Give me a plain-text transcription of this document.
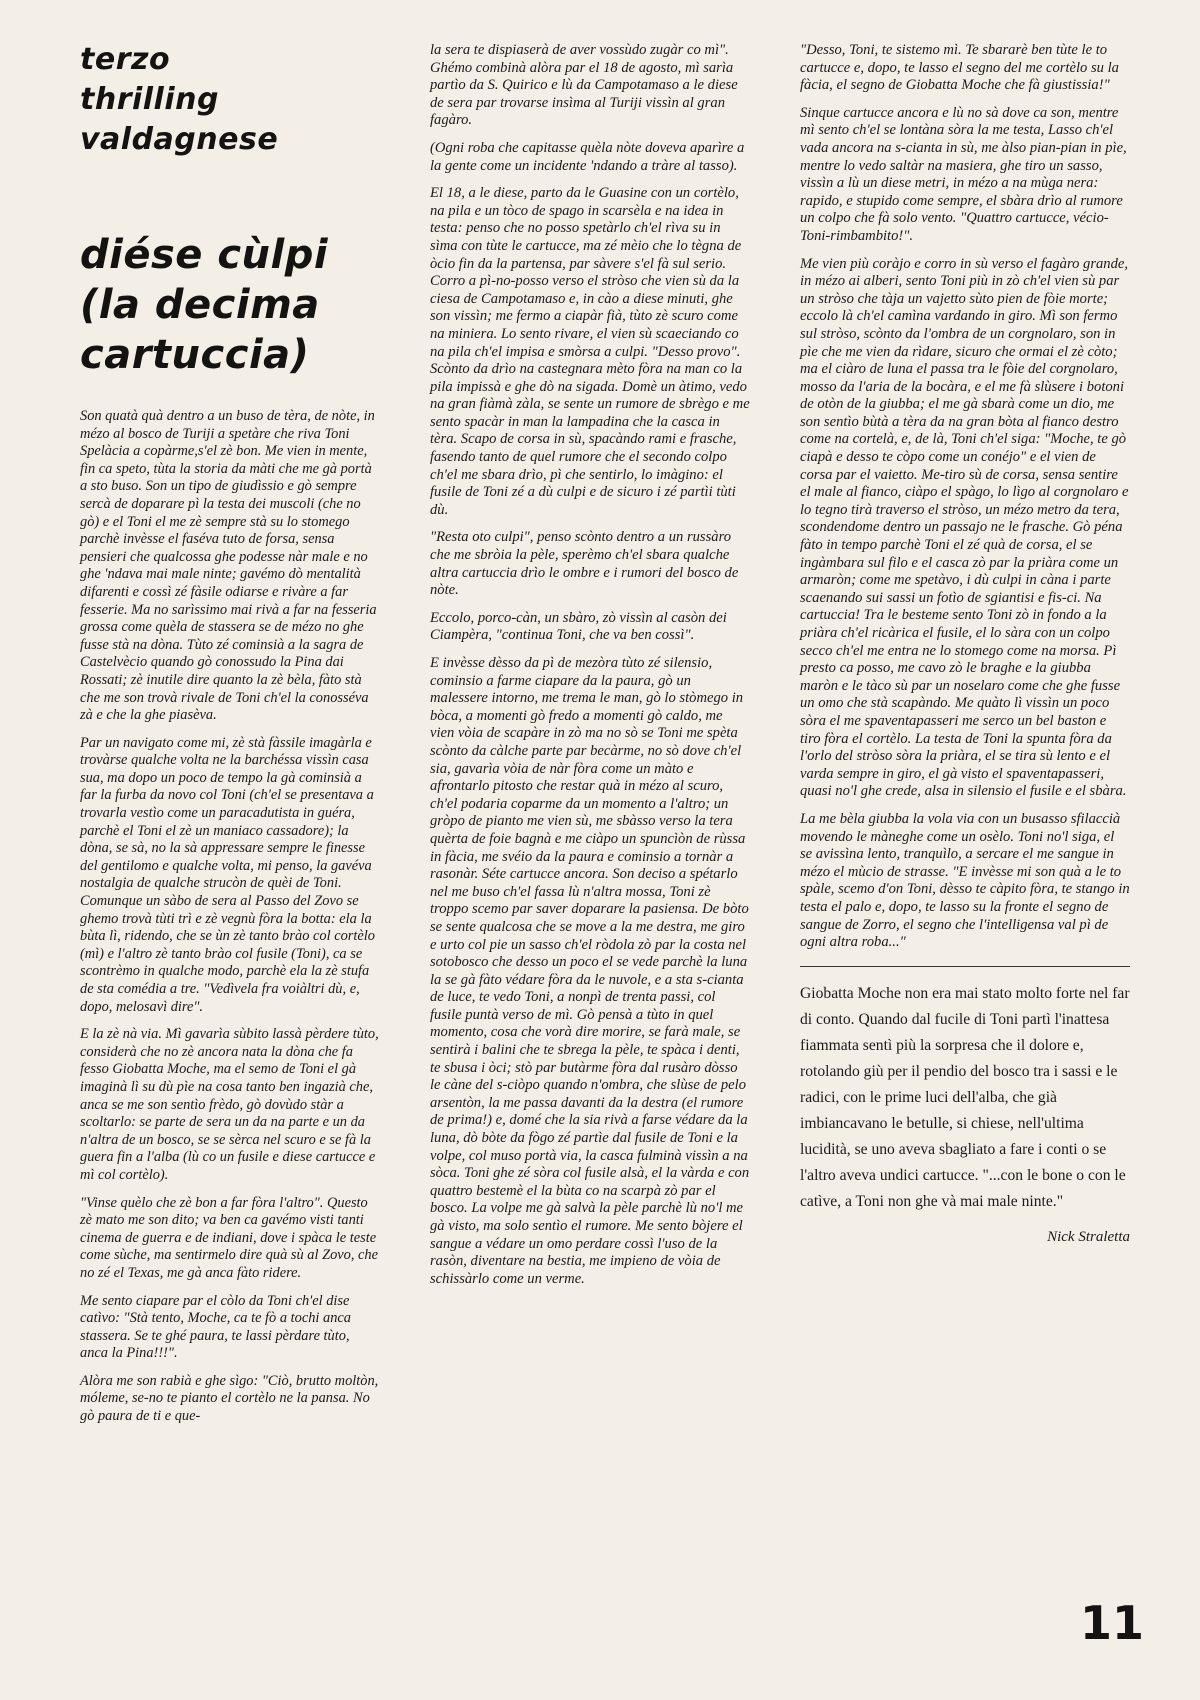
terzo
thrilling
valdagnese
diése cùlpi
(la decima
cartuccia)

Son quatà quà dentro a un buso de tèra, de nòte, in mézo al bosco de Turiji a spetàre che riva Toni Spelàcia a copàrme,s'el zè bon. Me vien in mente, fin ca speto, tùta la storia da màti che me gà portà a sto buso. Son un tipo de giudìssio e gò sempre sercà de doparare pì la testa dei muscoli (che no gò) e el Toni el me zè sempre stà su lo stomego parchè invèsse el faséva tuto de forsa, sensa pensieri che qualcossa ghe podesse nàr male e no ghe 'ndava mai male ninte; gavémo dò mentalità difarenti e cossì zé fàsile odiarse e rivàre a far fesserie. Ma no sarìssimo mai rivà a far na fesseria grossa come quèla de stassera se de mézo no ghe fusse stà na dòna. Tùto zé cominsià a la sagra de Castelvècio quando gò conossudo la Pina dai Rossati; zè inutile dire quanto la zè bèla, fàto stà che me son trovà rivale de Toni ch'el la conosséva zà e che la ghe piasèva.

Par un navigato come mi, zè stà fàssile imagàrla e trovàrse qualche volta ne la barchéssa vissìn casa sua, ma dopo un poco de tempo la gà cominsià a far la furba da novo col Toni (ch'el se presentava a trovarla vestìo come un paracadutista in guéra, parchè el Toni el zè un maniaco cassadore); la dòna, se sà, no la sà appressare sempre le finesse del gentilomo e qualche volta, mi penso, la gavéva nostalgia de qualche strucòn de quèi de Toni. Comunque un sàbo de sera al Passo del Zovo se ghemo trovà tùti trì e zè vegnù fòra la botta: ela la bùta lì, ridendo, che se ùn zè tanto brào col cortèlo (mì) e l'altro zè tanto brào col fusile (Toni), ca se scontrèmo in qualche modo, parchè ela la zè stufa de sta comédia a tre. "Vedìvela fra voiàltri dù, e, dopo, melosavì dire".

E la zè nà via. Mì gavarìa sùbito lassà pèrdere tùto, considerà che no zè ancora nata la dòna che fa fesso Giobatta Moche, ma el semo de Toni el gà imaginà lì su dù pìe na cosa tanto ben ingazià che, anca se me son sentìo frèdo, gò dovùdo stàr a scoltarlo: se parte de sera un da na parte e un da n'altra de un bosco, se se sèrca nel scuro e se fà la guera fin a l'alba (lù co un fusile e diese cartucce e mì col cortèlo).

"Vinse quèlo che zè bon a far fòra l'altro". Questo zè mato me son dito; va ben ca gavémo visti tanti cinema de guerra e de indiani, dove i spàca le teste come sùche, ma sentirmelo dire quà sù al Zovo, che no zé el Texas, me gà anca fàto ridere.

Me sento ciapare par el còlo da Toni ch'el dise catìvo: "Stà tento, Moche, ca te fò a tochi anca stassera. Se te ghé paura, te lassi pèrdare tùto, anca la Pina!!!".

Alòra me son rabià e ghe sìgo: "Ciò, brutto moltòn, móleme, se-no te pianto el cortèlo ne la pansa. No gò paura de ti e que-

la sera te dispiaserà de aver vossùdo zugàr co mì". Ghémo combinà alòra par el 18 de agosto, mì sarìa partìo da S. Quirico e lù da Campotamaso a le diese de sera par trovarse insìma al Turiji vissìn al gran fagàro.

(Ogni roba che capitasse quèla nòte doveva aparìre a la gente come un incidente 'ndando a tràre al tasso).

El 18, a le diese, parto da le Guasine con un cortèlo, na pila e un tòco de spago in scarsèla e na idea in testa: penso che no posso spetàrlo ch'el rìva su in sìma con tùte le cartucce, ma zé mèio che lo tègna de òcio fin da la partensa, par sàvere s'el fà sul serio. Corro a pì-no-posso verso el stròso che vien sù da la ciesa de Campotamaso e, in cào a diese minuti, ghe son vissìn; me fermo a ciapàr fià, tùto zè scuro come na miniera. Lo sento rivare, el vien sù scaeciando co na pila ch'el impisa e smòrsa a culpi. "Desso provo". Scònto da drìo na castegnara mèto fòra na man co la pila impissà e ghe dò na sigada. Domè un àtimo, vedo na gran fiàmà zàla, se sente un rumore de sbrègo e me sento spacàr in man la lampadina che la casca in tèra. Scapo de corsa in sù, spacàndo rami e frasche, fasendo tanto de quel rumore che el secondo colpo ch'el me sbara drìo, pì che sentirlo, lo imàgino: el fusile de Toni zé a dù culpi e de sicuro i zé partìi tùti dù.

"Resta oto culpi", penso scònto dentro a un russàro che me sbròia la pèle, sperèmo ch'el sbara qualche altra cartuccia drìo le ombre e i rumori del bosco de nòte.

Eccolo, porco-càn, un sbàro, zò vissìn al casòn dei Ciampèra, "continua Toni, che va ben cossì".

E invèsse dèsso da pì de mezòra tùto zé silensio, cominsio a farme ciapare da la paura, gò un malessere intorno, me trema le man, gò lo stòmego in bòca, a momenti gò fredo a momenti gò caldo, me vien vòia de scapàre in zò ma no sò se Toni me spèta scònto da càlche parte par becàrme, no sò dove ch'el sia, gavarìa vòia de nàr fòra come un màto e afrontarlo pitosto che restar quà in mézo al scuro, ch'el podaria coparme da un momento a l'altro; un gròpo de pianto me vien sù, me sbàsso verso la tera quèrta de foie bagnà e me ciàpo un spuncìòn de rùssa in fàcia, me svéio da la paura e cominsio a tornàr a rasonàr. Séte cartucce ancora. Son deciso a spétarlo nel me buso ch'el fassa lù n'altra mossa, Toni zè troppo scemo par saver doparare la pasiensa. De bòto se sente qualcosa che se move a la me destra, me giro e urto col pie un sasso ch'el ròdola zò par la costa nel sotobosco che desso un poco el se vede parchè la luna la se gà fàto védare fòra da le nuvole, e a sta s-cianta de luce, te vedo Toni, a nonpì de trenta passi, col fusile puntà verso de mì. Gò pensà a tùto in quel momento, cosa che vorà dire morire, se farà male, se sentirà i balini che te sbrega la pèle, te spàca i denti, te sbusa i òci; stò par butàrme fòra dal rusàro dòsso le càne del s-ciòpo quando n'ombra, che slùse de pelo arsentòn, la me passa davanti da la destra (el rumore de prima!) e, domé che la sia rivà a farse védare da la luna, dò bòte da fògo zé partìe dal fusile de Toni e la volpe, col muso portà via, la casca fulminà vissìn a na sòca. Toni ghe zé sòra col fusile alsà, el la vàrda e con quattro bestemè el la bùta co na scarpà zò par el bosco. La volpe me gà salvà la pèle parchè lù no'l me gà visto, ma solo sentìo el rumore. Me sento bòjere el sangue a védare un omo perdare cossì l'uso de la rasòn, diventare na bestia, me impieno de vòia de schissàrlo come un verme.

"Desso, Toni, te sistemo mì. Te sbararè ben tùte le to cartucce e, dopo, te lasso el segno del me cortèlo su la fàcia, el segno de Giobatta Moche che fà giustissia!"

Sinque cartucce ancora e lù no sà dove ca son, mentre mì sento ch'el se lontàna sòra la me testa, Lasso ch'el vada ancora na s-cianta in sù, me àlso pian-pian in pìe, mentre lo vedo saltàr na masiera, ghe tiro un sasso, vissìn a lù un diese metri, in mézo a na mùga nera: rapido, e stupido come sempre, el sbàra drìo al rumore un colpo che fà solo vento. "Quattro cartucce, vécio-Toni-rimbambito!".

Me vien più coràjo e corro in sù verso el fagàro grande, in mézo ai alberi, sento Toni più in zò ch'el vien sù par un stròso che tàja un vajetto sùto pien de fòie morte; eccolo là ch'el camìna vardando in giro. Mì son fermo sul stròso, scònto da l'ombra de un corgnolaro, son in pìe che me vien da rìdare, sicuro che ormai el zè còto; ma el ciàro de luna el passa tra le fòie del corgnolaro, mosso da l'aria de la bocàra, e el me fà slùsere i botoni de otòn de la giubba; el me gà sbarà come un dio, me son sentìo bùtà a tèra da na gran bòta al fianco destro come na cortelà, e, de là, Toni ch'el siga: "Moche, te gò ciapà e desso te còpo come un conéjo" e el vien de corsa par el vaietto. Me-tiro sù de corsa, sensa sentire el male al fianco, ciàpo el spàgo, lo lìgo al corgnolaro e lo tegno tirà traverso el stròso, un mézo metro da tera, scondendome dentro un passajo ne le frasche. Gò péna fàto in tempo parchè Toni el zé quà de corsa, el se ingàmbara sul filo e el casca zò par la priàra come un armaròn; come me spetàvo, i dù culpi in càna i parte scaenando sui sassi un fotìo de sgiantisi e fis-ci. Na cartuccia! Tra le besteme sento Toni zò in fondo a la priàra ch'el ricàrica el fusile, el lo sàra con un colpo secco ch'el me entra ne lo stomego come na morsa. Pì presto ca posso, me cavo zò le braghe e la giubba maròn e le tàco sù par un noselaro come che ghe fusse un omo che stà scapàndo. Me quàto lì vissìn un poco sòra el me spaventapasseri me serco un bel baston e tiro fòra el cortèlo. La testa de Toni la spunta fòra da l'orlo del stròso sòra la priàra, el se tira sù lento e el varda sempre in giro, el gà visto el spaventapasseri, quasi no'l ghe crede, alsa in silensio el fusile e el sbàra.

La me bèla giubba la vola via con un busasso sfilaccià movendo le màneghe come un osèlo. Toni no'l siga, el se avissìna lento, tranquìlo, a sercare el me sangue in mézo el mùcio de strasse. "E invèsse mi son quà a le to spàle, scemo d'on Toni, dèsso te càpito fòra, te stango in testa el palo e, dopo, te lasso su la fronte el segno de sangue de Zorro, el segno che l'intelligensa val pì de ogni altra roba..."

Giobatta Moche non era mai stato molto forte nel far di conto. Quando dal fucile di Toni partì l'inattesa fiammata sentì più la sorpresa che il dolore e, rotolando giù per il pendio del bosco tra i sassi e le radici, con le prime luci dell'alba, che già imbiancavano le betulle, si chiese, nell'ultima lucidità, se uno aveva sbagliato a fare i conti o se l'altro aveva undici cartucce. "...con le bone o con le catìve, a Toni non ghe và mai male ninte."

Nick Straletta
11
